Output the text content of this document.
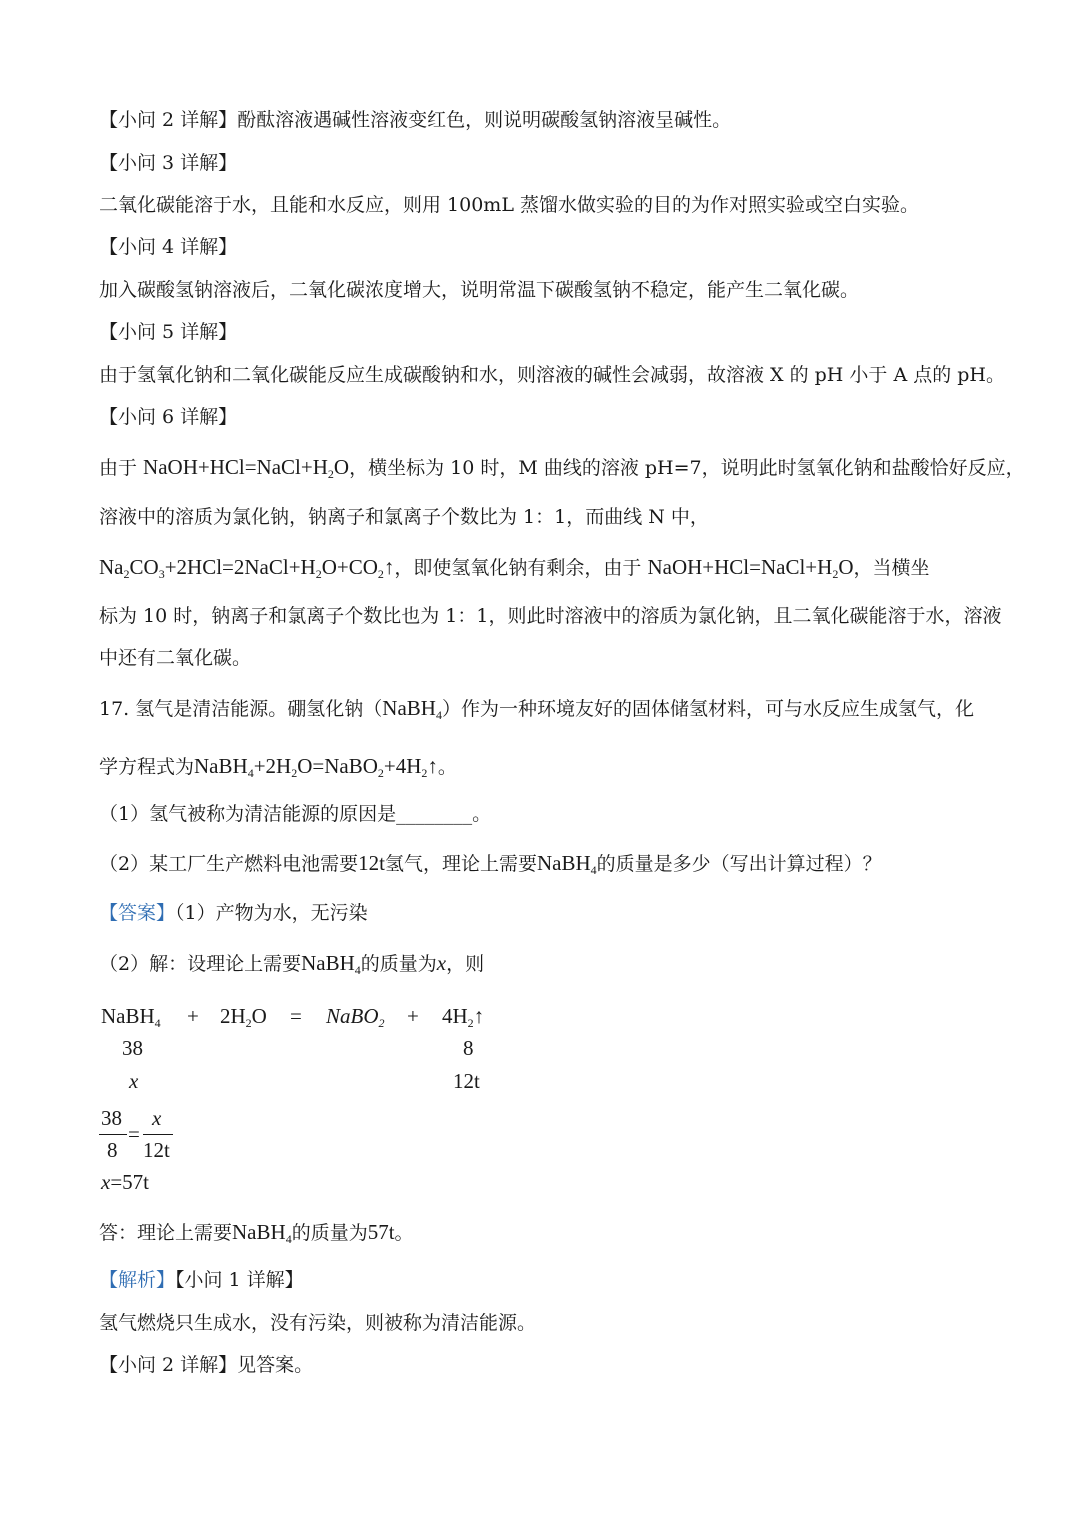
【小问 2 详解】酚酞溶液遇碱性溶液变红色，则说明碳酸氢钠溶液呈碱性。
【小问 3 详解】
二氧化碳能溶于水，且能和水反应，则用 100mL 蒸馏水做实验的目的为作对照实验或空白实验。
【小问 4 详解】
加入碳酸氢钠溶液后，二氧化碳浓度增大，说明常温下碳酸氢钠不稳定，能产生二氧化碳。
【小问 5 详解】
由于氢氧化钠和二氧化碳能反应生成碳酸钠和水，则溶液的碱性会减弱，故溶液 X 的 pH 小于 A 点的 pH。
【小问 6 详解】
由于 $NaOH+HCl=NaCl+H_2O$，横坐标为 10 时，M 曲线的溶液 pH=7，说明此时氢氧化钠和盐酸恰好反应，
溶液中的溶质为氯化钠，钠离子和氯离子个数比为 1：1，而曲线 N 中，
$Na_2CO_3+2HCl=2NaCl+H_2O+CO_2↑$，即使氢氧化钠有剩余，由于 $NaOH+HCl=NaCl+H_2O$，当横坐
标为 10 时，钠离子和氯离子个数比也为 1：1，则此时溶液中的溶质为氯化钠，且二氧化碳能溶于水，溶液
中还有二氧化碳。
17. 氢气是清洁能源。硼氢化钠（NaBH$_4$）作为一种环境友好的固体储氢材料，可与水反应生成氢气，化
学方程式为$NaBH_4+2H_2O=NaBO_2+4H_2↑$。
（1）氢气被称为清洁能源的原因是________。
（2）某工厂生产燃料电池需要12t氢气，理论上需要NaBH$_4$的质量是多少（写出计算过程）？
【答案】（1）产物为水，无污染
（2）解：设理论上需要NaBH$_4$的质量为x，则
NaBH$_4$ + $2H_2O$ = NaBO$_2$ + $4H_2↑$
38	8
x	12t
38
8
=
x
12t
x=57t
答：理论上需要NaBH$_4$的质量为57t。
【解析】【小问 1 详解】
氢气燃烧只生成水，没有污染，则被称为清洁能源。
【小问 2 详解】见答案。
